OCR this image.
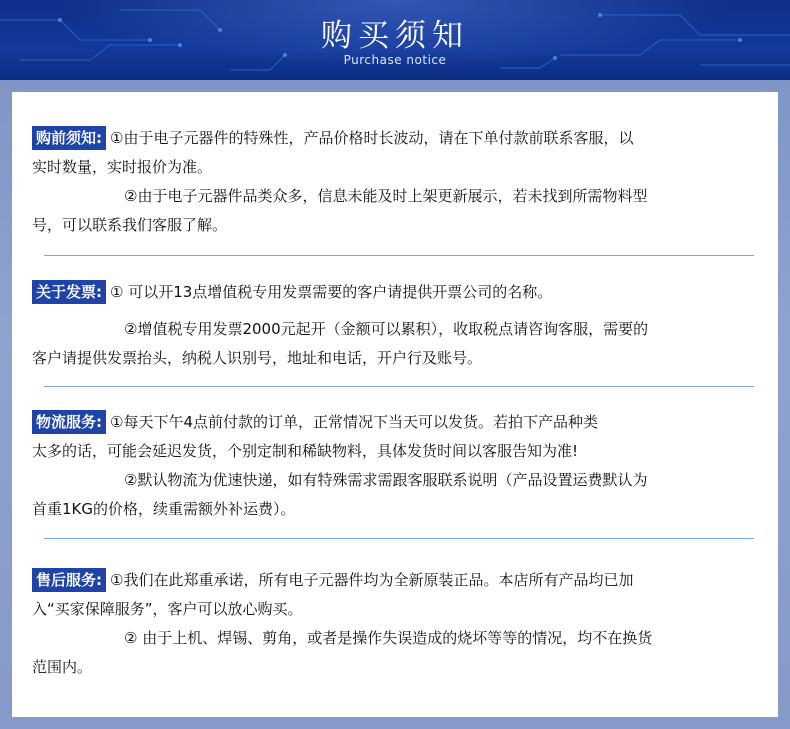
购买须知
Purchase notice

购前须知: ①由于电子元器件的特殊性，产品价格时长波动，请在下单付款前联系客服，以

实时数量，实时报价为准。

②由于电子元器件品类众多，信息未能及时上架更新展示，若未找到所需物料型

号，可以联系我们客服了解。

关于发票: ① 可以开13点增值税专用发票需要的客户请提供开票公司的名称。

②增值税专用发票2000元起开（金额可以累积），收取税点请咨询客服，需要的

客户请提供发票抬头，纳税人识别号，地址和电话，开户行及账号。

物流服务: ①每天下午4点前付款的订单，正常情况下当天可以发货。若拍下产品种类

太多的话，可能会延迟发货，个别定制和稀缺物料，具体发货时间以客服告知为准!

②默认物流为优速快递，如有特殊需求需跟客服联系说明（产品设置运费默认为

首重1KG的价格，续重需额外补运费）。

售后服务: ①我们在此郑重承诺，所有电子元器件均为全新原装正品。本店所有产品均已加

入“买家保障服务”，客户可以放心购买。

② 由于上机、焊锡、剪角，或者是操作失误造成的烧坏等等的情况，均不在换货

范围内。
